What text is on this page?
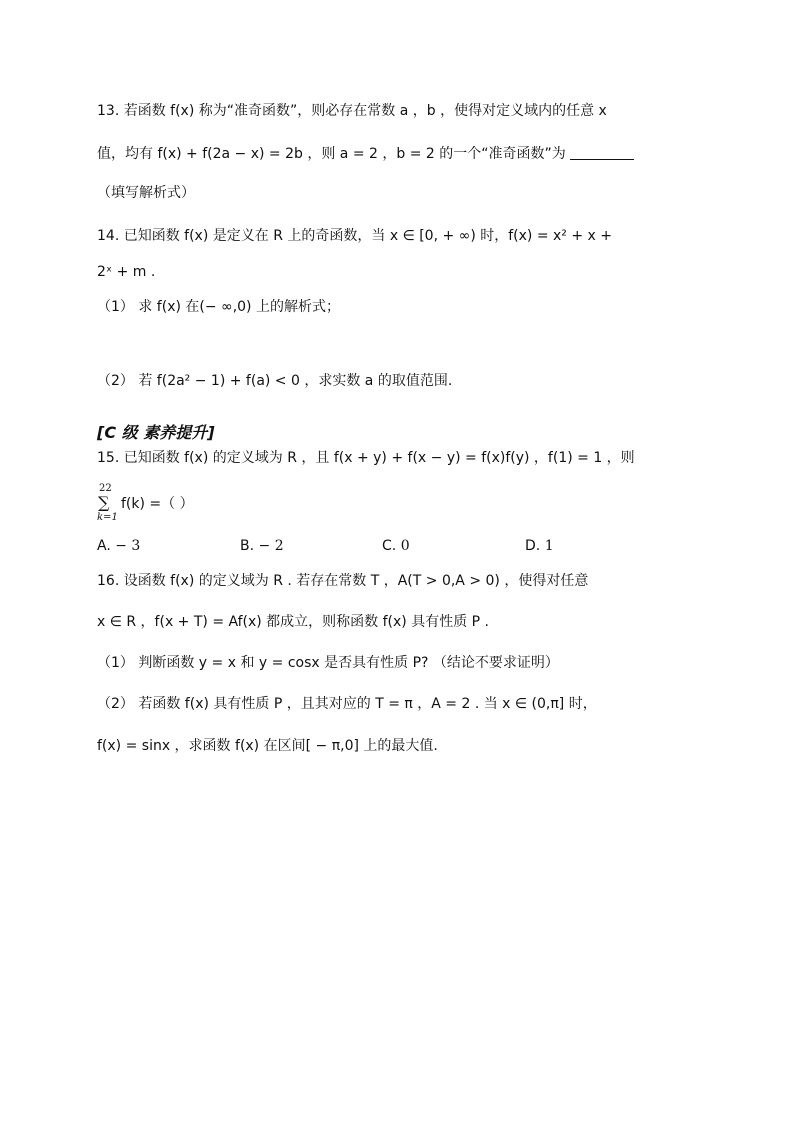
13. 若函数 f(x) 称为“准奇函数”，则必存在常数 a ，b ，使得对定义域内的任意 x
值，均有 f(x) + f(2a − x) = 2b ，则 a = 2 ，b = 2 的一个“准奇函数”为
（填写解析式）
14. 已知函数 f(x) 是定义在 R 上的奇函数，当 x ∈ [0, + ∞) 时，f(x) = x² + x +
2ˣ + m .
（1） 求 f(x) 在(− ∞,0) 上的解析式；
（2） 若 f(2a² − 1) + f(a) < 0 ，求实数 a 的取值范围.
[C 级 素养提升]
15. 已知函数 f(x) 的定义域为 R ，且 f(x + y) + f(x − y) = f(x)f(y) ，f(1) = 1 ，则
22
∑
k=1
f(k) =（ ）
A. − 3	B. − 2	C. 0	D. 1
16. 设函数 f(x) 的定义域为 R . 若存在常数 T ，A(T > 0,A > 0) ，使得对任意
x ∈ R ，f(x + T) = Af(x) 都成立，则称函数 f(x) 具有性质 P .
（1） 判断函数 y = x 和 y = cosx 是否具有性质 P? （结论不要求证明）
（2） 若函数 f(x) 具有性质 P ，且其对应的 T = π ，A = 2 . 当 x ∈ (0,π] 时，
f(x) = sinx ，求函数 f(x) 在区间[ − π,0] 上的最大值.
